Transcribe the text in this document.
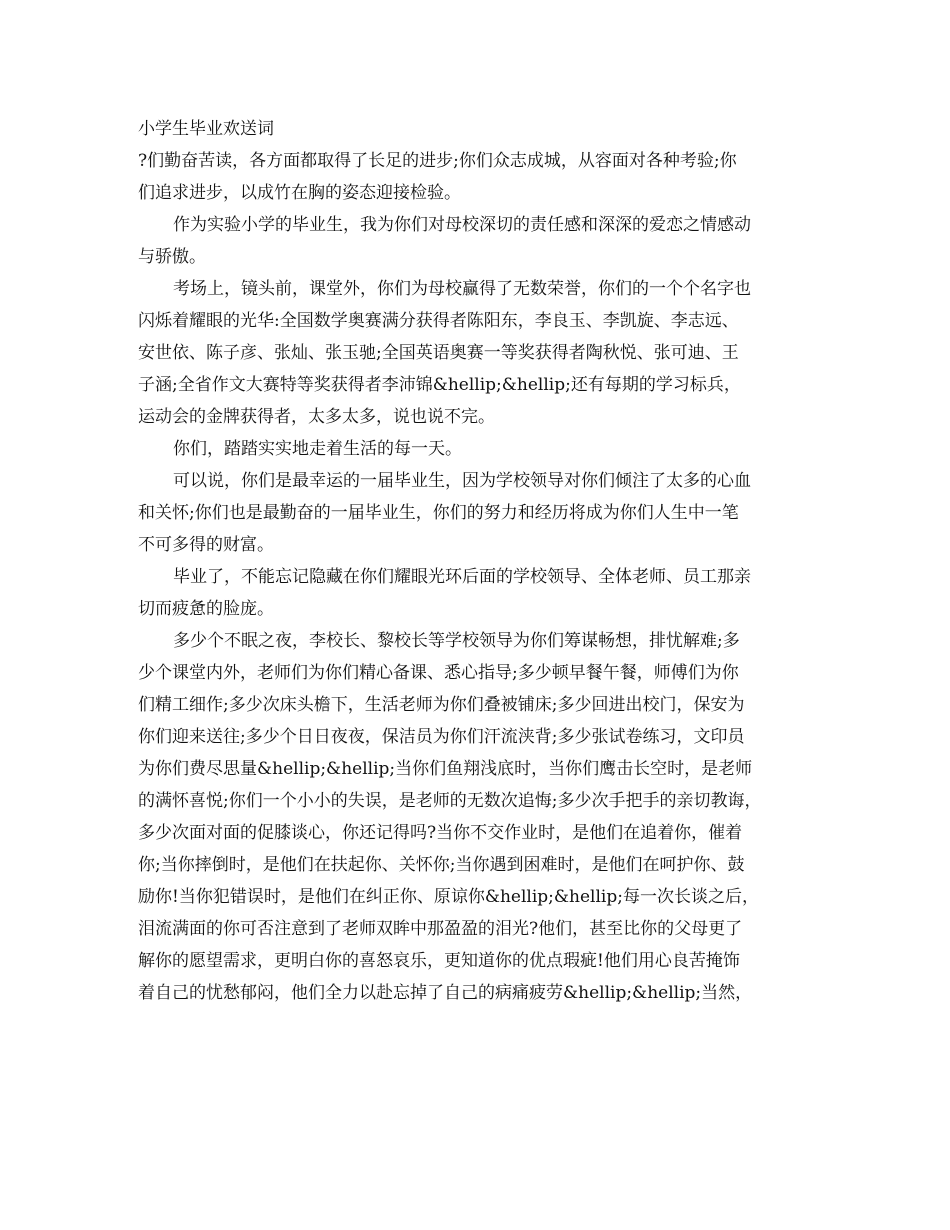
小学生毕业欢送词
?们勤奋苦读，各方面都取得了长足的进步;你们众志成城，从容面对各种考验;你
们追求进步，以成竹在胸的姿态迎接检验。
作为实验小学的毕业生，我为你们对母校深切的责任感和深深的爱恋之情感动
与骄傲。
考场上，镜头前，课堂外，你们为母校赢得了无数荣誉，你们的一个个名字也
闪烁着耀眼的光华:全国数学奥赛满分获得者陈阳东，李良玉、李凯旋、李志远、
安世依、陈子彦、张灿、张玉驰;全国英语奥赛一等奖获得者陶秋悦、张可迪、王
子涵;全省作文大赛特等奖获得者李沛锦&hellip;&hellip;还有每期的学习标兵，
运动会的金牌获得者，太多太多，说也说不完。
你们，踏踏实实地走着生活的每一天。
可以说，你们是最幸运的一届毕业生，因为学校领导对你们倾注了太多的心血
和关怀;你们也是最勤奋的一届毕业生，你们的努力和经历将成为你们人生中一笔
不可多得的财富。
毕业了，不能忘记隐藏在你们耀眼光环后面的学校领导、全体老师、员工那亲
切而疲惫的脸庞。
多少个不眠之夜，李校长、黎校长等学校领导为你们筹谋畅想，排忧解难;多
少个课堂内外，老师们为你们精心备课、悉心指导;多少顿早餐午餐，师傅们为你
们精工细作;多少次床头檐下，生活老师为你们叠被铺床;多少回进出校门，保安为
你们迎来送往;多少个日日夜夜，保洁员为你们汗流浃背;多少张试卷练习，文印员
为你们费尽思量&hellip;&hellip;当你们鱼翔浅底时，当你们鹰击长空时，是老师
的满怀喜悦;你们一个小小的失误，是老师的无数次追悔;多少次手把手的亲切教诲，
多少次面对面的促膝谈心，你还记得吗?当你不交作业时，是他们在追着你，催着
你;当你摔倒时，是他们在扶起你、关怀你;当你遇到困难时，是他们在呵护你、鼓
励你!当你犯错误时，是他们在纠正你、原谅你&hellip;&hellip;每一次长谈之后，
泪流满面的你可否注意到了老师双眸中那盈盈的泪光?他们，甚至比你的父母更了
解你的愿望需求，更明白你的喜怒哀乐，更知道你的优点瑕疵!他们用心良苦掩饰
着自己的忧愁郁闷，他们全力以赴忘掉了自己的病痛疲劳&hellip;&hellip;当然，
